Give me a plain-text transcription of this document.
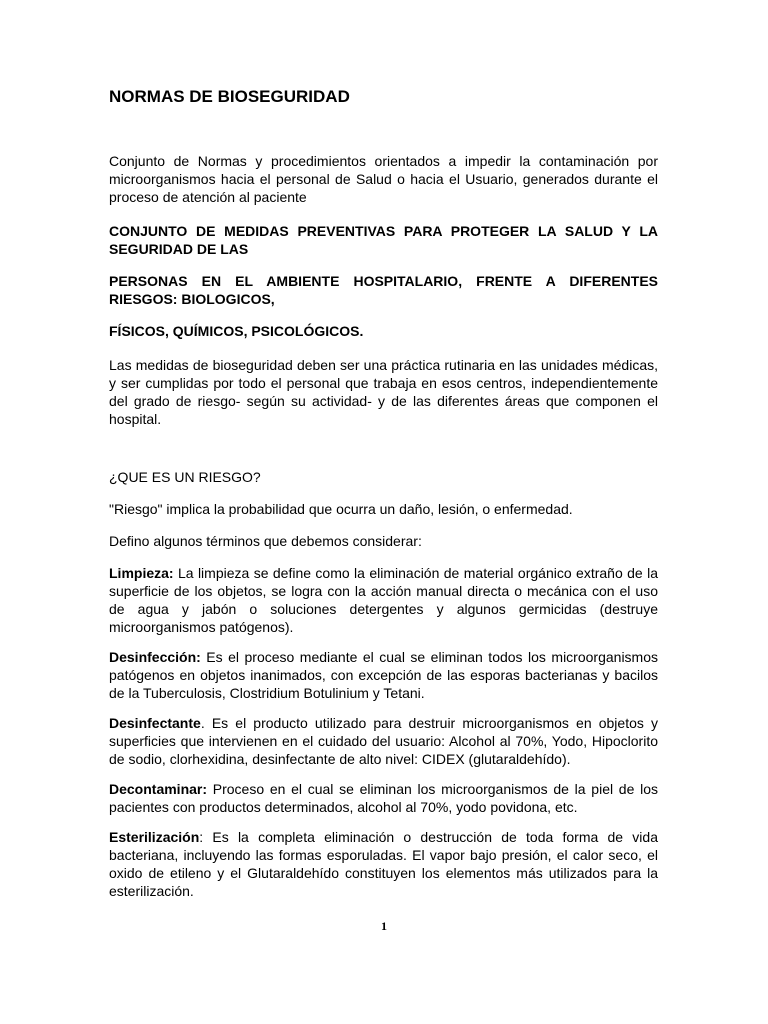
NORMAS DE BIOSEGURIDAD

Conjunto de Normas y procedimientos orientados a impedir la contaminación por microorganismos hacia el personal de Salud o hacia el Usuario, generados durante el proceso de atención al paciente

CONJUNTO DE MEDIDAS PREVENTIVAS PARA PROTEGER LA SALUD Y LA SEGURIDAD DE LAS

PERSONAS EN EL AMBIENTE HOSPITALARIO, FRENTE A DIFERENTES RIESGOS: BIOLOGICOS,

FÍSICOS, QUÍMICOS, PSICOLÓGICOS.

Las medidas de bioseguridad deben ser una práctica rutinaria en las unidades médicas, y ser cumplidas por todo el personal que trabaja en esos centros, independientemente del grado de riesgo- según su actividad- y de las diferentes áreas que componen el hospital.

¿QUE ES UN RIESGO?

"Riesgo" implica la probabilidad que ocurra un daño, lesión, o enfermedad.

Defino algunos términos que debemos considerar:

Limpieza: La limpieza se define como la eliminación de material orgánico extraño de la superficie de los objetos, se logra con la acción manual directa o mecánica con el uso de agua y jabón o soluciones detergentes y algunos germicidas (destruye microorganismos patógenos).

Desinfección: Es el proceso mediante el cual se eliminan todos los microorganismos patógenos en objetos inanimados, con excepción de las esporas bacterianas y bacilos de la Tuberculosis, Clostridium Botulinium y Tetani.

Desinfectante. Es el producto utilizado para destruir microorganismos en objetos y superficies que intervienen en el cuidado del usuario: Alcohol al 70%, Yodo, Hipoclorito de sodio, clorhexidina, desinfectante de alto nivel: CIDEX (glutaraldehído).

Decontaminar: Proceso en el cual se eliminan los microorganismos de la piel de los pacientes con productos determinados, alcohol al 70%, yodo povidona, etc.

Esterilización: Es la completa eliminación o destrucción de toda forma de vida bacteriana, incluyendo las formas esporuladas. El vapor bajo presión, el calor seco, el oxido de etileno y el Glutaraldehído constituyen los elementos más utilizados para la esterilización.

1
